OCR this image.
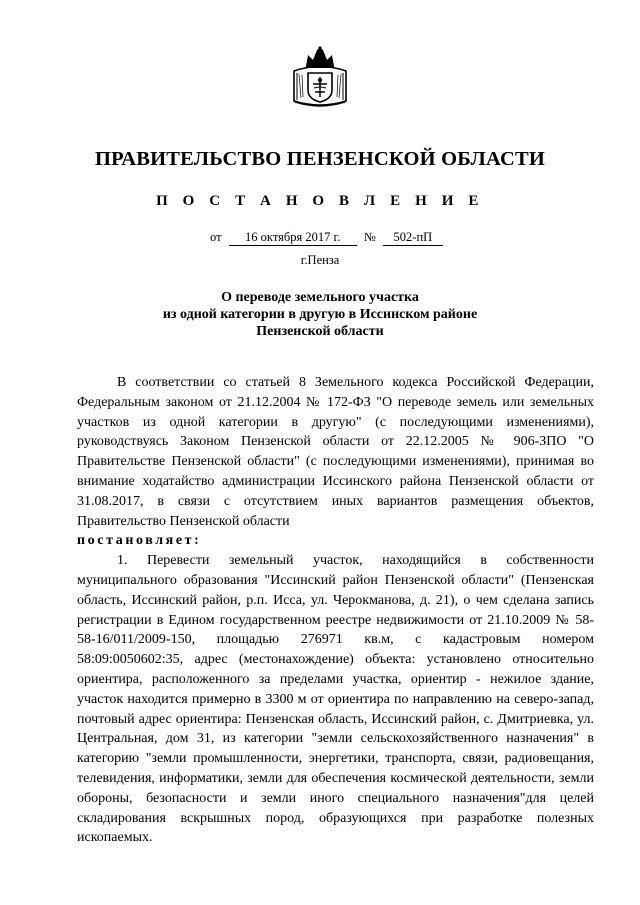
ПРАВИТЕЛЬСТВО ПЕНЗЕНСКОЙ ОБЛАСТИ
П О С Т А Н О В Л Е Н И Е
от 16 октября 2017 г. № 502-пП
г.Пенза
О переводе земельного участка
из одной категории в другую в Иссинском районе
Пензенской области

В соответствии со статьей 8 Земельного кодекса Российской Федерации, Федеральным законом от 21.12.2004 № 172-ФЗ "О переводе земель или земельных участков из одной категории в другую" (с последующими изменениями), руководствуясь Законом Пензенской области от 22.12.2005 № 906-ЗПО "О Правительстве Пензенской области" (с последующими изменениями), принимая во внимание ходатайство администрации Иссинского района Пензенской области от 31.08.2017, в связи с отсутствием иных вариантов размещения объектов, Правительство Пензенской области

постановляет:

1. Перевести земельный участок, находящийся в собственности муниципального образования "Иссинский район Пензенской области" (Пензенская область, Иссинский район, р.п. Исса, ул. Черокманова, д. 21), о чем сделана запись регистрации в Едином государственном реестре недвижимости от 21.10.2009 № 58-58-16/011/2009-150, площадью 276971 кв.м, с кадастровым номером 58:09:0050602:35, адрес (местонахождение) объекта: установлено относительно ориентира, расположенного за пределами участка, ориентир - нежилое здание, участок находится примерно в 3300 м от ориентира по направлению на северо-запад, почтовый адрес ориентира: Пензенская область, Иссинский район, с. Дмитриевка, ул. Центральная, дом 31, из категории "земли сельскохозяйственного назначения" в категорию "земли промышленности, энергетики, транспорта, связи, радиовещания, телевидения, информатики, земли для обеспечения космической деятельности, земли обороны, безопасности и земли иного специального назначения"для целей складирования вскрышных пород, образующихся при разработке полезных ископаемых.
